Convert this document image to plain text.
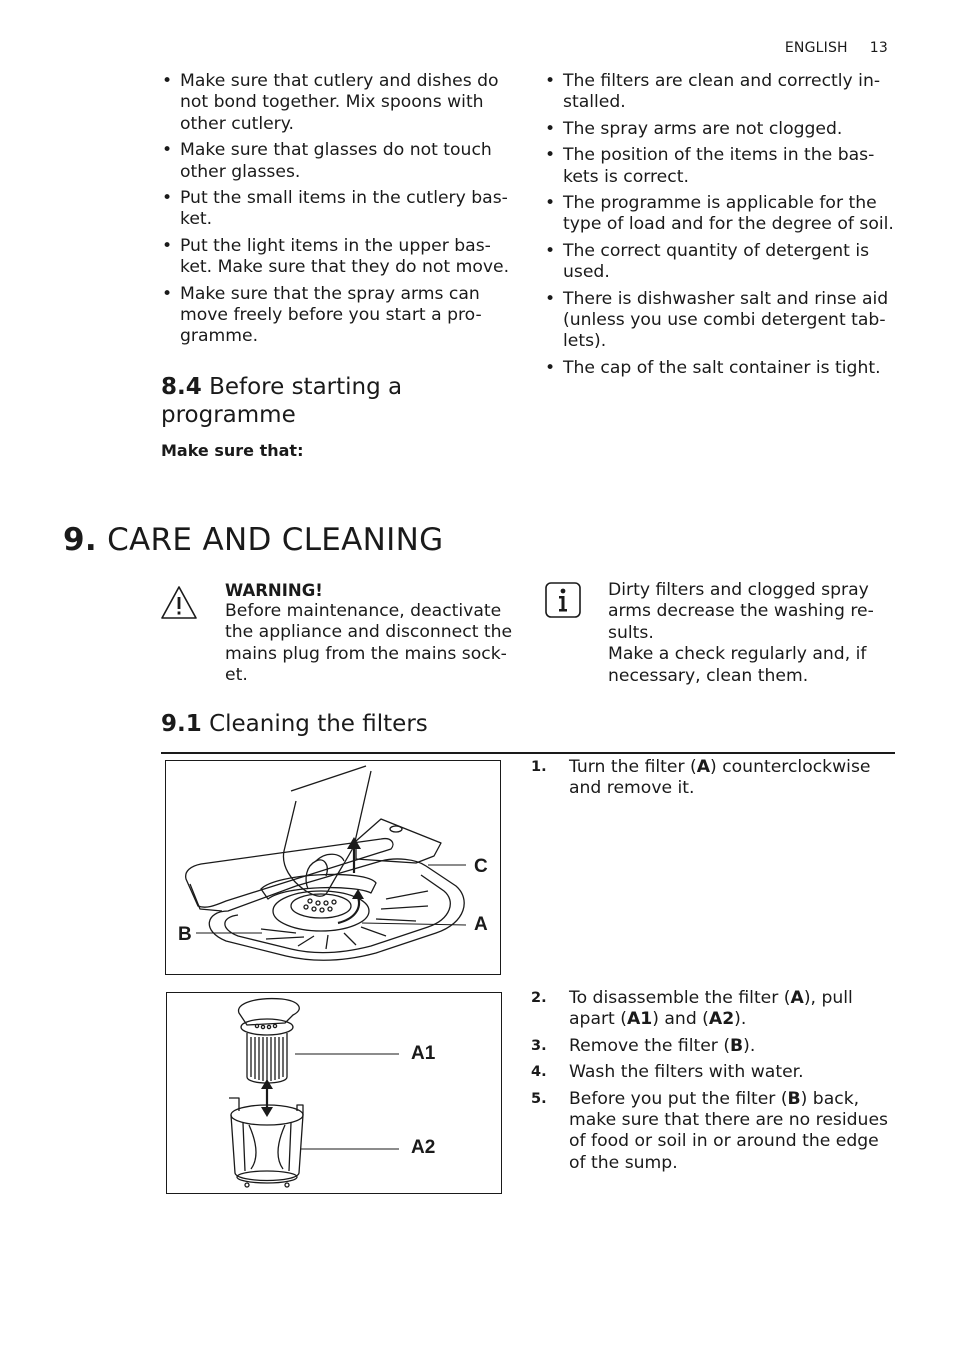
ENGLISH 13
• Make sure that cutlery and dishes do not bond together. Mix spoons with other cutlery.
• Make sure that glasses do not touch other glasses.
• Put the small items in the cutlery bas- ket.
• Put the light items in the upper bas- ket. Make sure that they do not move.
• Make sure that the spray arms can move freely before you start a pro- gramme.
8.4 Before starting a programme
Make sure that:
• The filters are clean and correctly in- stalled.
• The spray arms are not clogged.
• The position of the items in the bas- kets is correct.
• The programme is applicable for the type of load and for the degree of soil.
• The correct quantity of detergent is used.
• There is dishwasher salt and rinse aid (unless you use combi detergent tab- lets).
• The cap of the salt container is tight.
9. CARE AND CLEANING
WARNING!
Before maintenance, deactivate the appliance and disconnect the mains plug from the mains sock- et.
Dirty filters and clogged spray arms decrease the washing re- sults.
Make a check regularly and, if necessary, clean them.
9.1 Cleaning the filters
C
A
B
1. Turn the filter (A) counterclockwise and remove it.
A1
A2
2. To disassemble the filter (A), pull apart (A1) and (A2).
3. Remove the filter (B).
4. Wash the filters with water.
5. Before you put the filter (B) back, make sure that there are no residues of food or soil in or around the edge of the sump.
